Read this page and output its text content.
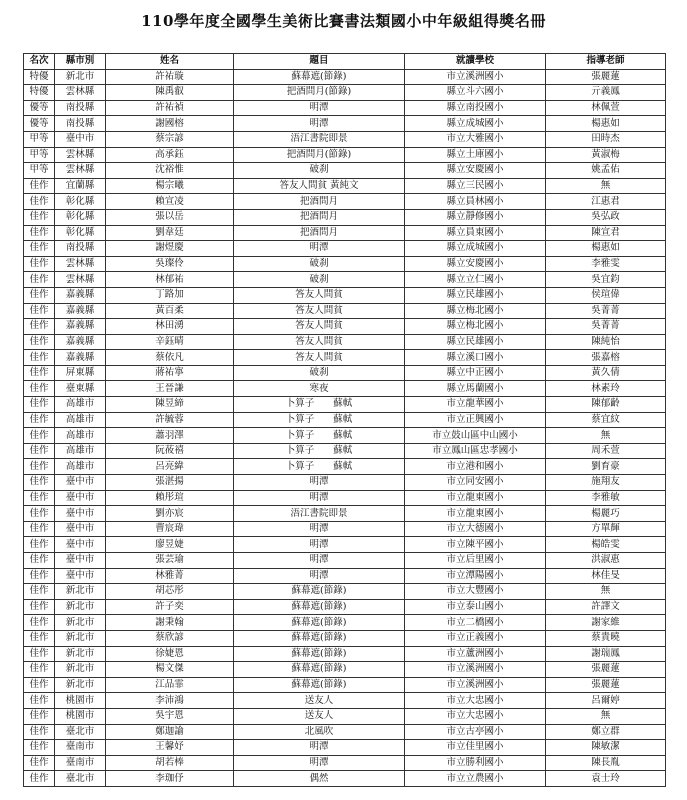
110學年度全國學生美術比賽書法類國小中年級組得獎名冊
名次	縣市別	姓名	題目	就讀學校	指導老師
特優	新北市	許祐璇	蘇幕遮(節錄)	市立溪洲國小	張麗蓮
特優	雲林縣	陳禹叡	把酒問月(節錄)	縣立斗六國小	亓義鳳
優等	南投縣	許祐禎	明潭	縣立南投國小	林佩萱
優等	南投縣	謝國榕	明潭	縣立成城國小	楊惠如
甲等	臺中市	蔡宗諺	浯江書院即景	市立大雅國小	田時杰
甲等	雲林縣	高承鈺	把酒問月(節錄)	縣立土庫國小	黃淑梅
甲等	雲林縣	沈裕惟	破刹	縣立安慶國小	姚孟佑
佳作	宜蘭縣	楊宗曦	答友人問貧 黃純文	縣立三民國小	無
佳作	彰化縣	賴宣凌	把酒問月	縣立員林國小	江惠君
佳作	彰化縣	張以岳	把酒問月	縣立靜修國小	吳弘政
佳作	彰化縣	劉韋廷	把酒問月	縣立員東國小	陳宣君
佳作	南投縣	謝煜慶	明潭	縣立成城國小	楊惠如
佳作	雲林縣	吳璨伶	破刹	縣立安慶國小	李雅雯
佳作	雲林縣	林郁祐	破刹	縣立立仁國小	吳宜鈞
佳作	嘉義縣	丁路加	答友人問貧	縣立民雄國小	侯瑄偉
佳作	嘉義縣	黃百柔	答友人問貧	縣立梅北國小	吳菁菁
佳作	嘉義縣	林田湧	答友人問貧	縣立梅北國小	吳菁菁
佳作	嘉義縣	辛鈺晴	答友人問貧	縣立民雄國小	陳純怡
佳作	嘉義縣	蔡依凡	答友人問貧	縣立溪口國小	張嘉榕
佳作	屏東縣	蔣祐寧	破刹	縣立中正國小	黃久倩
佳作	臺東縣	王晉謙	寒夜	縣立馬蘭國小	林素玲
佳作	高雄市	陳昱締	卜算子　　蘇軾	市立龍華國小	陳郁齡
佳作	高雄市	許毓蓉	卜算子　　蘇軾	市立正興國小	蔡宜紋
佳作	高雄市	蕭羽澤	卜算子　　蘇軾	市立鼓山區中山國小	無
佳作	高雄市	阮莜禧	卜算子　　蘇軾	市立鳳山區忠孝國小	周禾萱
佳作	高雄市	呂亮緯	卜算子　　蘇軾	市立港和國小	劉育豪
佳作	臺中市	張湛揚	明潭	市立同安國小	施翔友
佳作	臺中市	賴彤瑄	明潭	市立龍東國小	李雅敏
佳作	臺中市	劉亦宸	浯江書院即景	市立龍東國小	楊麗巧
佳作	臺中市	曹宸瑋	明潭	市立大德國小	方單輝
佳作	臺中市	廖昱婕	明潭	市立陳平國小	楊皓雯
佳作	臺中市	張芸瑜	明潭	市立后里國小	洪淑惠
佳作	臺中市	林雅菁	明潭	市立潭陽國小	林佳旻
佳作	新北市	胡芯彤	蘇幕遮(節錄)	市立大豐國小	無
佳作	新北市	許子奕	蘇幕遮(節錄)	市立泰山國小	許譯文
佳作	新北市	謝秉翰	蘇幕遮(節錄)	市立二橋國小	謝家維
佳作	新北市	蔡欣諺	蘇幕遮(節錄)	市立正義國小	蔡貴曉
佳作	新北市	徐婕恩	蘇幕遮(節錄)	市立蘆洲國小	謝瑞鳳
佳作	新北市	楊文傑	蘇幕遮(節錄)	市立溪洲國小	張麗蓮
佳作	新北市	江品霏	蘇幕遮(節錄)	市立溪洲國小	張麗蓮
佳作	桃園市	李沛鴻	送友人	市立大忠國小	呂爾婷
佳作	桃園市	吳宇恩	送友人	市立大忠國小	無
佳作	臺北市	鄭迦諭	北風吹	市立古亭國小	鄭立群
佳作	臺南市	王馨妤	明潭	市立佳里國小	陳敏潔
佳作	臺南市	胡若棒	明潭	市立勝利國小	陳長胤
佳作	臺北市	李珈伃	偶然	市立立農國小	袁士玲
